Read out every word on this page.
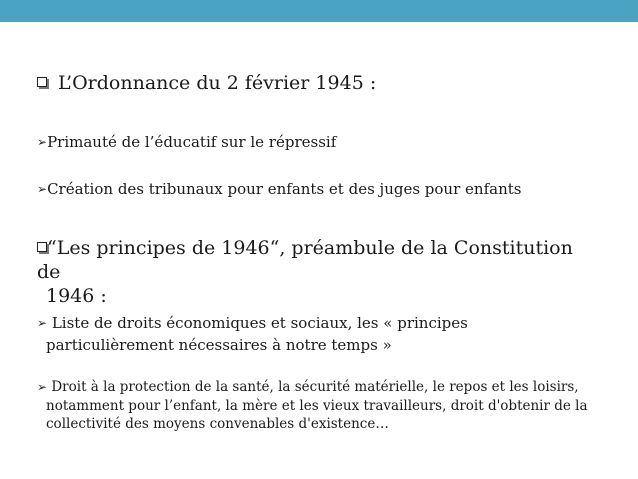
L’Ordonnance du 2 février 1945 :
➢Primauté de l’éducatif sur le répressif
➢Création des tribunaux pour enfants et des juges pour enfants
“Les principes de 1946“, préambule de la Constitution de
1946 :
➢ Liste de droits économiques et sociaux, les « principes
particulièrement nécessaires à notre temps »
➢ Droit à la protection de la santé, la sécurité matérielle, le repos et les loisirs,
notamment pour l’enfant, la mère et les vieux travailleurs, droit d'obtenir de la
collectivité des moyens convenables d'existence…
